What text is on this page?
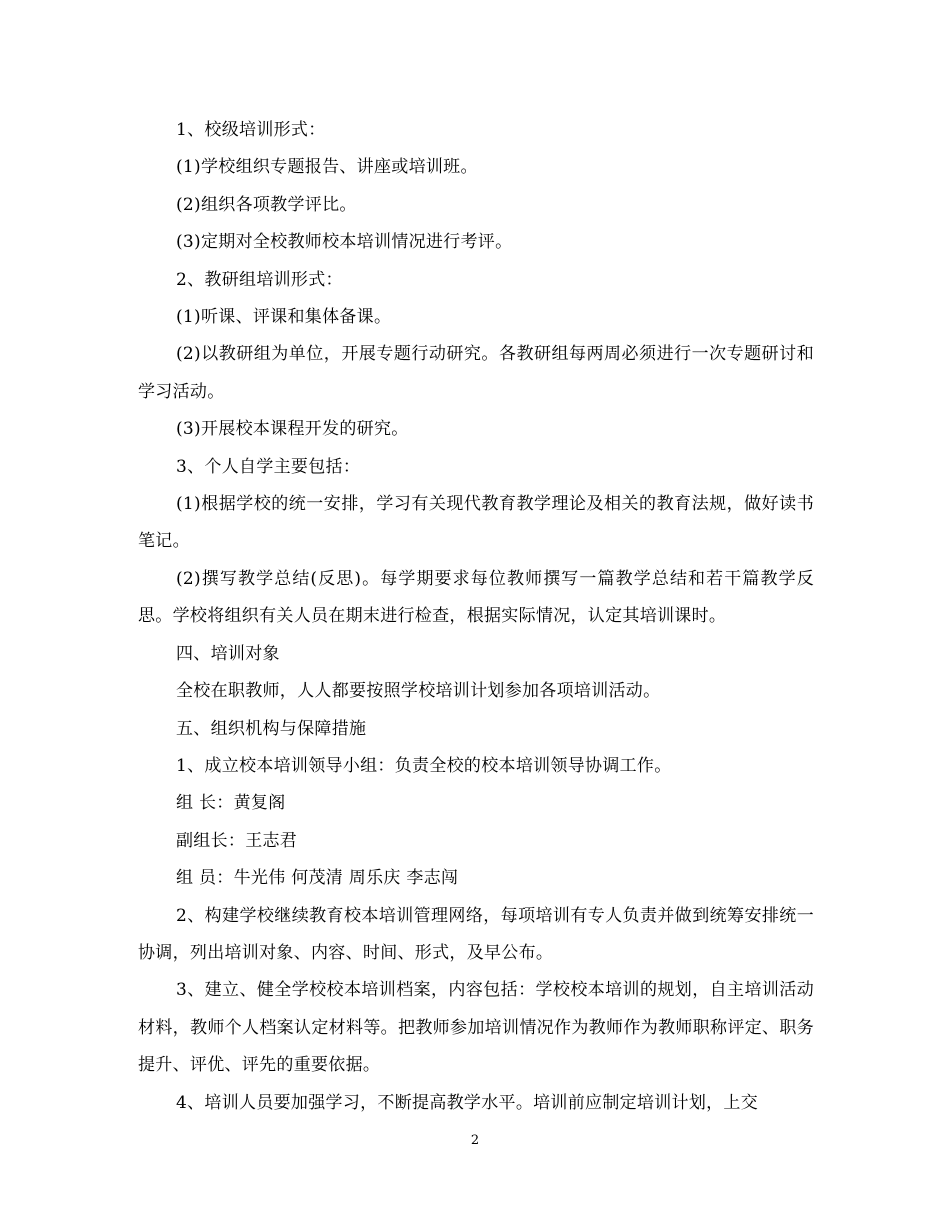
1、校级培训形式：

(1)学校组织专题报告、讲座或培训班。

(2)组织各项教学评比。

(3)定期对全校教师校本培训情况进行考评。

2、教研组培训形式：

(1)听课、评课和集体备课。

(2)以教研组为单位，开展专题行动研究。各教研组每两周必须进行一次专题研讨和学习活动。

(3)开展校本课程开发的研究。

3、个人自学主要包括：

(1)根据学校的统一安排，学习有关现代教育教学理论及相关的教育法规，做好读书笔记。

(2)撰写教学总结(反思)。每学期要求每位教师撰写一篇教学总结和若干篇教学反思。学校将组织有关人员在期末进行检查，根据实际情况，认定其培训课时。

四、培训对象

全校在职教师，人人都要按照学校培训计划参加各项培训活动。

五、组织机构与保障措施

1、成立校本培训领导小组：负责全校的校本培训领导协调工作。

组 长：黄复阁

副组长：王志君

组 员：牛光伟 何茂清 周乐庆 李志闯

2、构建学校继续教育校本培训管理网络，每项培训有专人负责并做到统筹安排统一协调，列出培训对象、内容、时间、形式，及早公布。

3、建立、健全学校校本培训档案，内容包括：学校校本培训的规划，自主培训活动材料，教师个人档案认定材料等。把教师参加培训情况作为教师作为教师职称评定、职务提升、评优、评先的重要依据。

4、培训人员要加强学习，不断提高教学水平。培训前应制定培训计划，上交

2
